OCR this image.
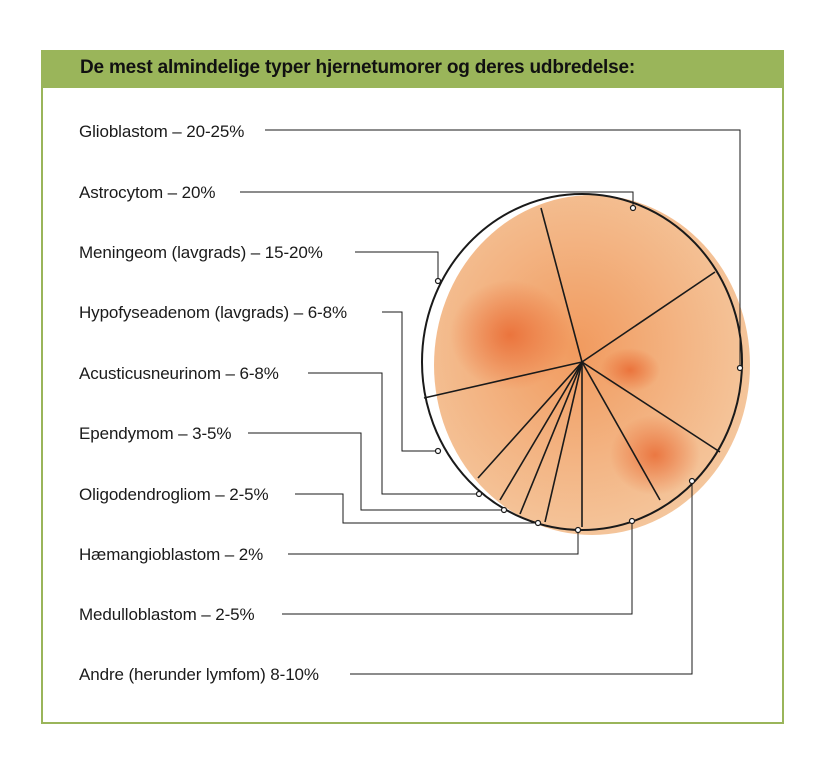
De mest almindelige typer hjernetumorer og deres udbredelse:
Glioblastom – 20-25%
Astrocytom – 20%
Meningeom (lavgrads) – 15-20%
Hypofyseadenom (lavgrads) – 6-8%
Acusticusneurinom – 6-8%
Ependymom – 3-5%
Oligodendrogliom – 2-5%
Hæmangioblastom – 2%
Medulloblastom – 2-5%
Andre (herunder lymfom) 8-10%
